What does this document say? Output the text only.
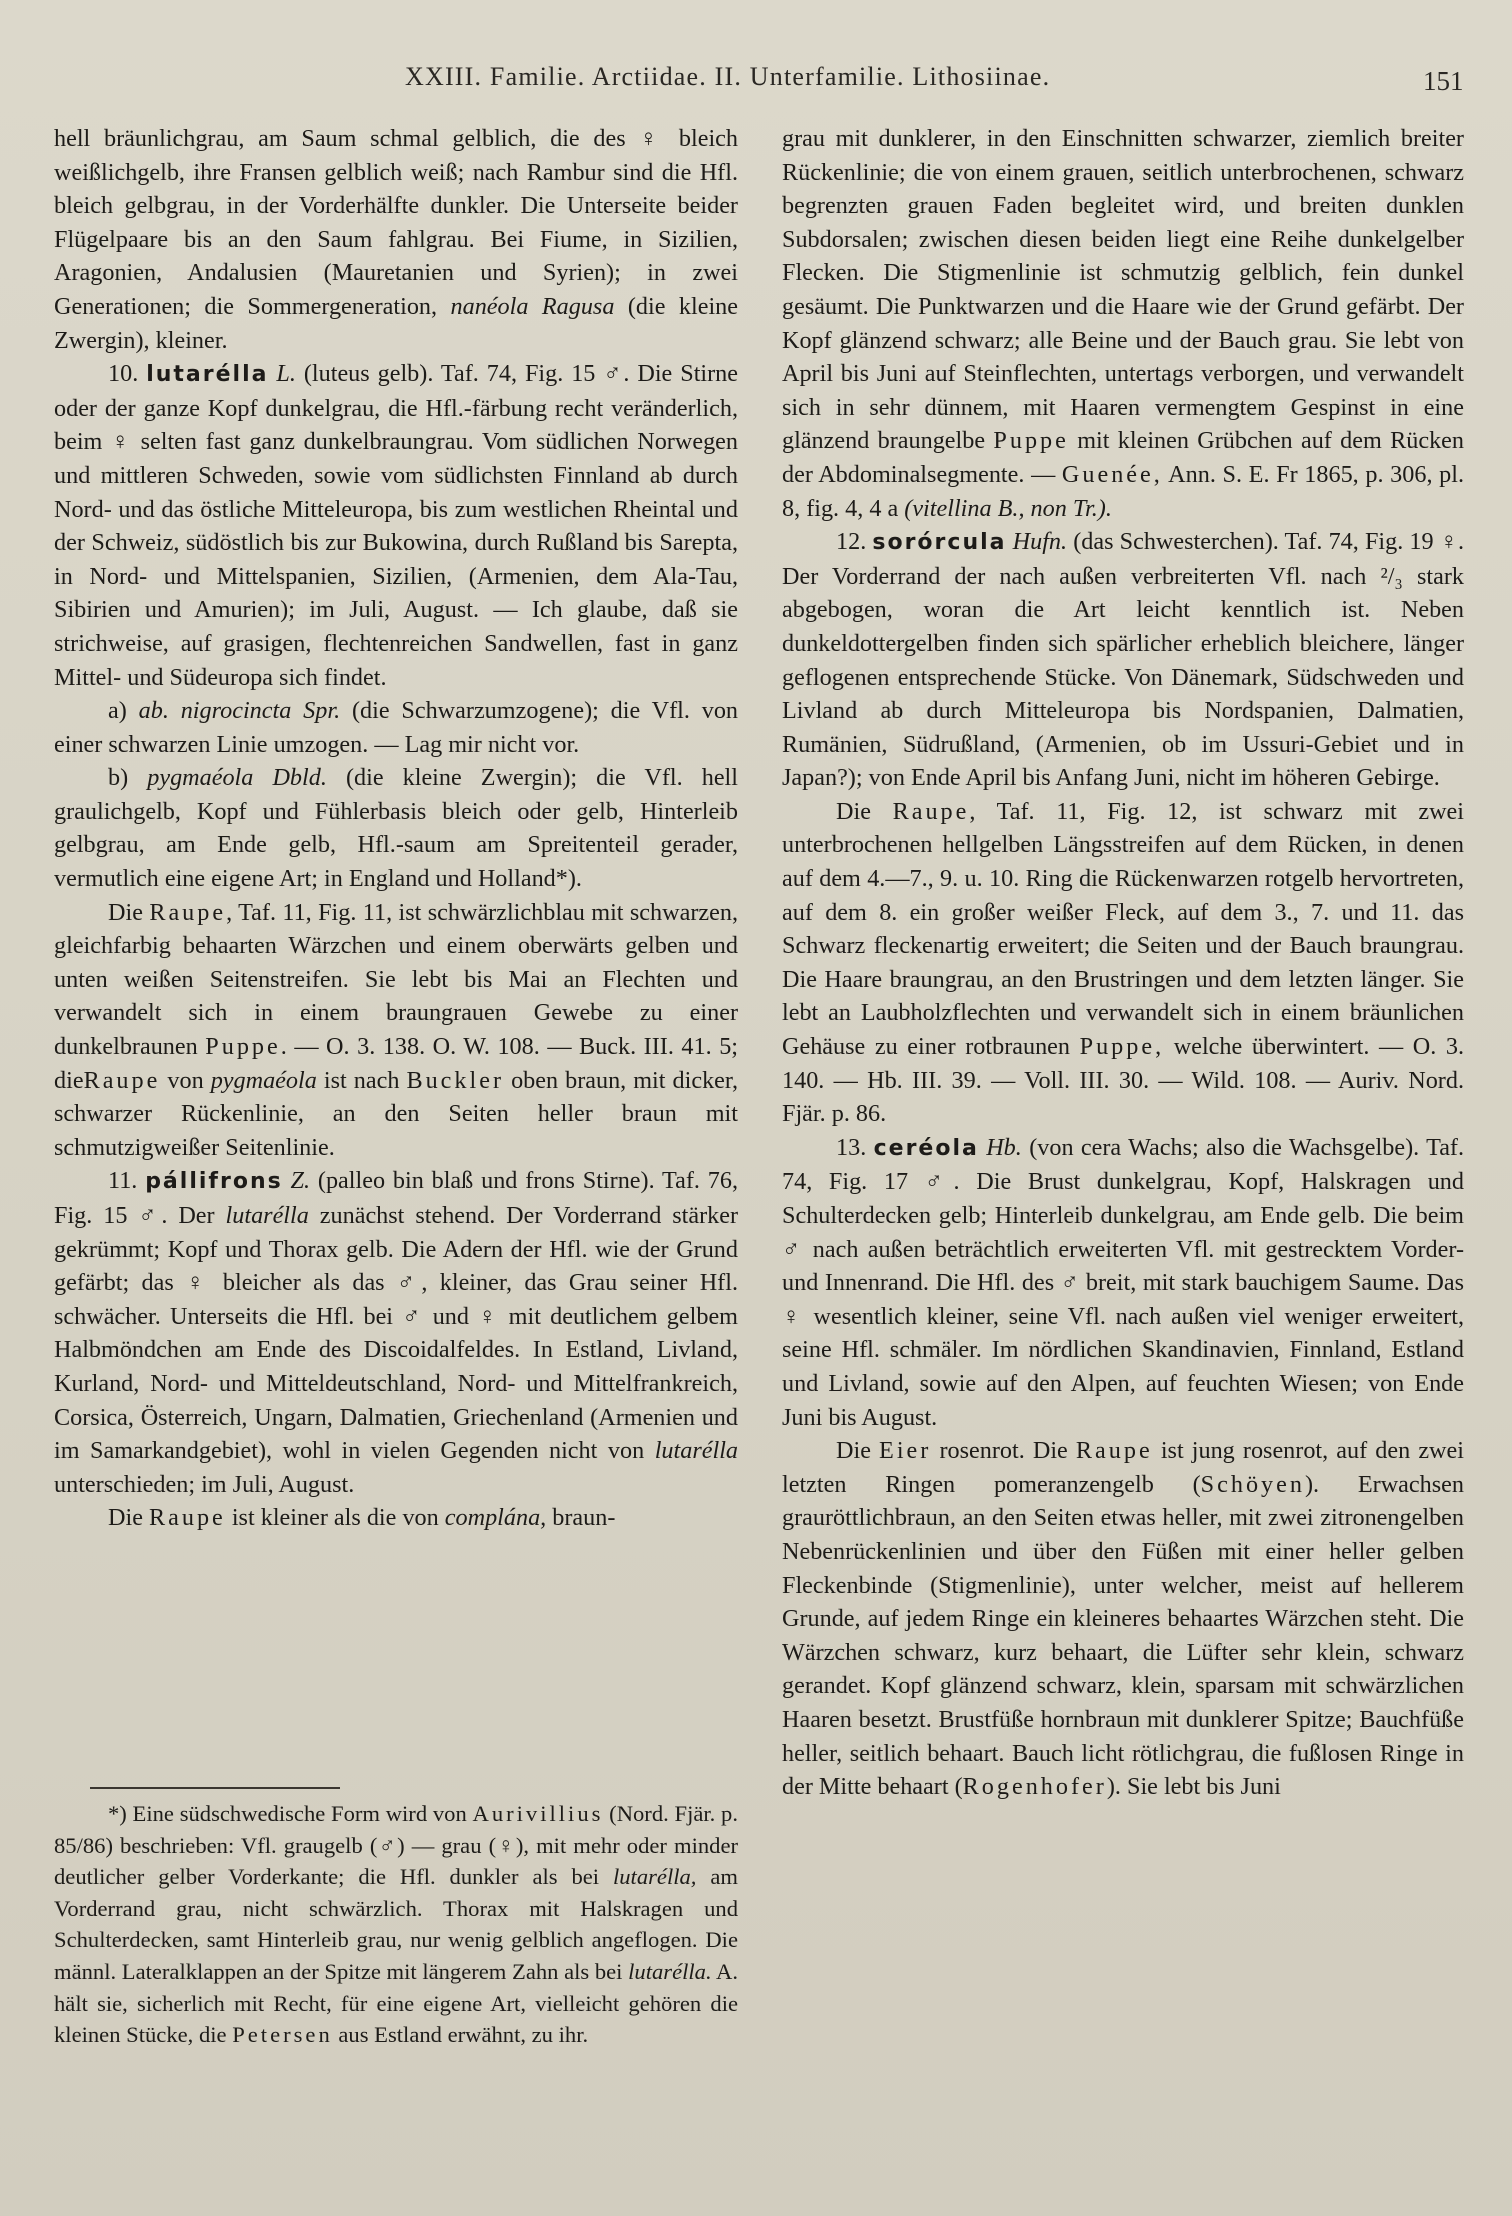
XXIII. Familie. Arctiidae. II. Unterfamilie. Lithosiinae.	151

hell bräunlichgrau, am Saum schmal gelblich, die des ♀ bleich weißlichgelb, ihre Fransen gelblich weiß; nach Rambur sind die Hfl. bleich gelbgrau, in der Vorderhälfte dunkler. Die Unterseite beider Flügelpaare bis an den Saum fahlgrau. Bei Fiume, in Sizilien, Aragonien, Andalusien (Mauretanien und Syrien); in zwei Generationen; die Sommergeneration, nanéola Ragusa (die kleine Zwergin), kleiner.

10. lutarélla L. (luteus gelb). Taf. 74, Fig. 15 ♂. Die Stirne oder der ganze Kopf dunkelgrau, die Hfl.-färbung recht veränderlich, beim ♀ selten fast ganz dunkelbraungrau. Vom südlichen Norwegen und mittleren Schweden, sowie vom südlichsten Finnland ab durch Nord- und das östliche Mitteleuropa, bis zum westlichen Rheintal und der Schweiz, südöstlich bis zur Bukowina, durch Rußland bis Sarepta, in Nord- und Mittelspanien, Sizilien, (Armenien, dem Ala-Tau, Sibirien und Amurien); im Juli, August. — Ich glaube, daß sie strichweise, auf grasigen, flechtenreichen Sandwellen, fast in ganz Mittel- und Südeuropa sich findet.

a) ab. nigrocincta Spr. (die Schwarzumzogene); die Vfl. von einer schwarzen Linie umzogen. — Lag mir nicht vor.

b) pygmaéola Dbld. (die kleine Zwergin); die Vfl. hell graulichgelb, Kopf und Fühlerbasis bleich oder gelb, Hinterleib gelbgrau, am Ende gelb, Hfl.-saum am Spreitenteil gerader, vermutlich eine eigene Art; in England und Holland*).

Die Raupe, Taf. 11, Fig. 11, ist schwärzlichblau mit schwarzen, gleichfarbig behaarten Wärzchen und einem oberwärts gelben und unten weißen Seitenstreifen. Sie lebt bis Mai an Flechten und verwandelt sich in einem braungrauen Gewebe zu einer dunkelbraunen Puppe. — O. 3. 138. O. W. 108. — Buck. III. 41. 5; dieRaupe von pygmaéola ist nach Buckler oben braun, mit dicker, schwarzer Rückenlinie, an den Seiten heller braun mit schmutzigweißer Seitenlinie.

11. pállifrons Z. (palleo bin blaß und frons Stirne). Taf. 76, Fig. 15 ♂. Der lutarélla zunächst stehend. Der Vorderrand stärker gekrümmt; Kopf und Thorax gelb. Die Adern der Hfl. wie der Grund gefärbt; das ♀ bleicher als das ♂, kleiner, das Grau seiner Hfl. schwächer. Unterseits die Hfl. bei ♂ und ♀ mit deutlichem gelbem Halbmöndchen am Ende des Discoidalfeldes. In Estland, Livland, Kurland, Nord- und Mitteldeutschland, Nord- und Mittelfrankreich, Corsica, Österreich, Ungarn, Dalmatien, Griechenland (Armenien und im Samarkandgebiet), wohl in vielen Gegenden nicht von lutarélla unterschieden; im Juli, August.

Die Raupe ist kleiner als die von complána, braun-

*) Eine südschwedische Form wird von Aurivillius (Nord. Fjär. p. 85/86) beschrieben: Vfl. graugelb (♂) — grau (♀), mit mehr oder minder deutlicher gelber Vorderkante; die Hfl. dunkler als bei lutarélla, am Vorderrand grau, nicht schwärzlich. Thorax mit Halskragen und Schulterdecken, samt Hinterleib grau, nur wenig gelblich angeflogen. Die männl. Lateralklappen an der Spitze mit längerem Zahn als bei lutarélla. A. hält sie, sicherlich mit Recht, für eine eigene Art, vielleicht gehören die kleinen Stücke, die Petersen aus Estland erwähnt, zu ihr.

grau mit dunklerer, in den Einschnitten schwarzer, ziemlich breiter Rückenlinie; die von einem grauen, seitlich unterbrochenen, schwarz begrenzten grauen Faden begleitet wird, und breiten dunklen Subdorsalen; zwischen diesen beiden liegt eine Reihe dunkelgelber Flecken. Die Stigmenlinie ist schmutzig gelblich, fein dunkel gesäumt. Die Punktwarzen und die Haare wie der Grund gefärbt. Der Kopf glänzend schwarz; alle Beine und der Bauch grau. Sie lebt von April bis Juni auf Steinflechten, untertags verborgen, und verwandelt sich in sehr dünnem, mit Haaren vermengtem Gespinst in eine glänzend braungelbe Puppe mit kleinen Grübchen auf dem Rücken der Abdominalsegmente. — Guenée, Ann. S. E. Fr 1865, p. 306, pl. 8, fig. 4, 4 a (vitellina B., non Tr.).

12. sorórcula Hufn. (das Schwesterchen). Taf. 74, Fig. 19 ♀. Der Vorderrand der nach außen verbreiterten Vfl. nach ²/₃ stark abgebogen, woran die Art leicht kenntlich ist. Neben dunkeldottergelben finden sich spärlicher erheblich bleichere, länger geflogenen entsprechende Stücke. Von Dänemark, Südschweden und Livland ab durch Mitteleuropa bis Nordspanien, Dalmatien, Rumänien, Südrußland, (Armenien, ob im Ussuri-Gebiet und in Japan?); von Ende April bis Anfang Juni, nicht im höheren Gebirge.

Die Raupe, Taf. 11, Fig. 12, ist schwarz mit zwei unterbrochenen hellgelben Längsstreifen auf dem Rücken, in denen auf dem 4.—7., 9. u. 10. Ring die Rückenwarzen rotgelb hervortreten, auf dem 8. ein großer weißer Fleck, auf dem 3., 7. und 11. das Schwarz fleckenartig erweitert; die Seiten und der Bauch braungrau. Die Haare braungrau, an den Brustringen und dem letzten länger. Sie lebt an Laubholzflechten und verwandelt sich in einem bräunlichen Gehäuse zu einer rotbraunen Puppe, welche überwintert. — O. 3. 140. — Hb. III. 39. — Voll. III. 30. — Wild. 108. — Auriv. Nord. Fjär. p. 86.

13. ceréola Hb. (von cera Wachs; also die Wachsgelbe). Taf. 74, Fig. 17 ♂. Die Brust dunkelgrau, Kopf, Halskragen und Schulterdecken gelb; Hinterleib dunkelgrau, am Ende gelb. Die beim ♂ nach außen beträchtlich erweiterten Vfl. mit gestrecktem Vorder- und Innenrand. Die Hfl. des ♂ breit, mit stark bauchigem Saume. Das ♀ wesentlich kleiner, seine Vfl. nach außen viel weniger erweitert, seine Hfl. schmäler. Im nördlichen Skandinavien, Finnland, Estland und Livland, sowie auf den Alpen, auf feuchten Wiesen; von Ende Juni bis August.

Die Eier rosenrot. Die Raupe ist jung rosenrot, auf den zwei letzten Ringen pomeranzengelb (Schöyen). Erwachsen grauröttlichbraun, an den Seiten etwas heller, mit zwei zitronengelben Nebenrückenlinien und über den Füßen mit einer heller gelben Fleckenbinde (Stigmenlinie), unter welcher, meist auf hellerem Grunde, auf jedem Ringe ein kleineres behaartes Wärzchen steht. Die Wärzchen schwarz, kurz behaart, die Lüfter sehr klein, schwarz gerandet. Kopf glänzend schwarz, klein, sparsam mit schwärzlichen Haaren besetzt. Brustfüße hornbraun mit dunklerer Spitze; Bauchfüße heller, seitlich behaart. Bauch licht rötlichgrau, die fußlosen Ringe in der Mitte behaart (Rogenhofer). Sie lebt bis Juni
